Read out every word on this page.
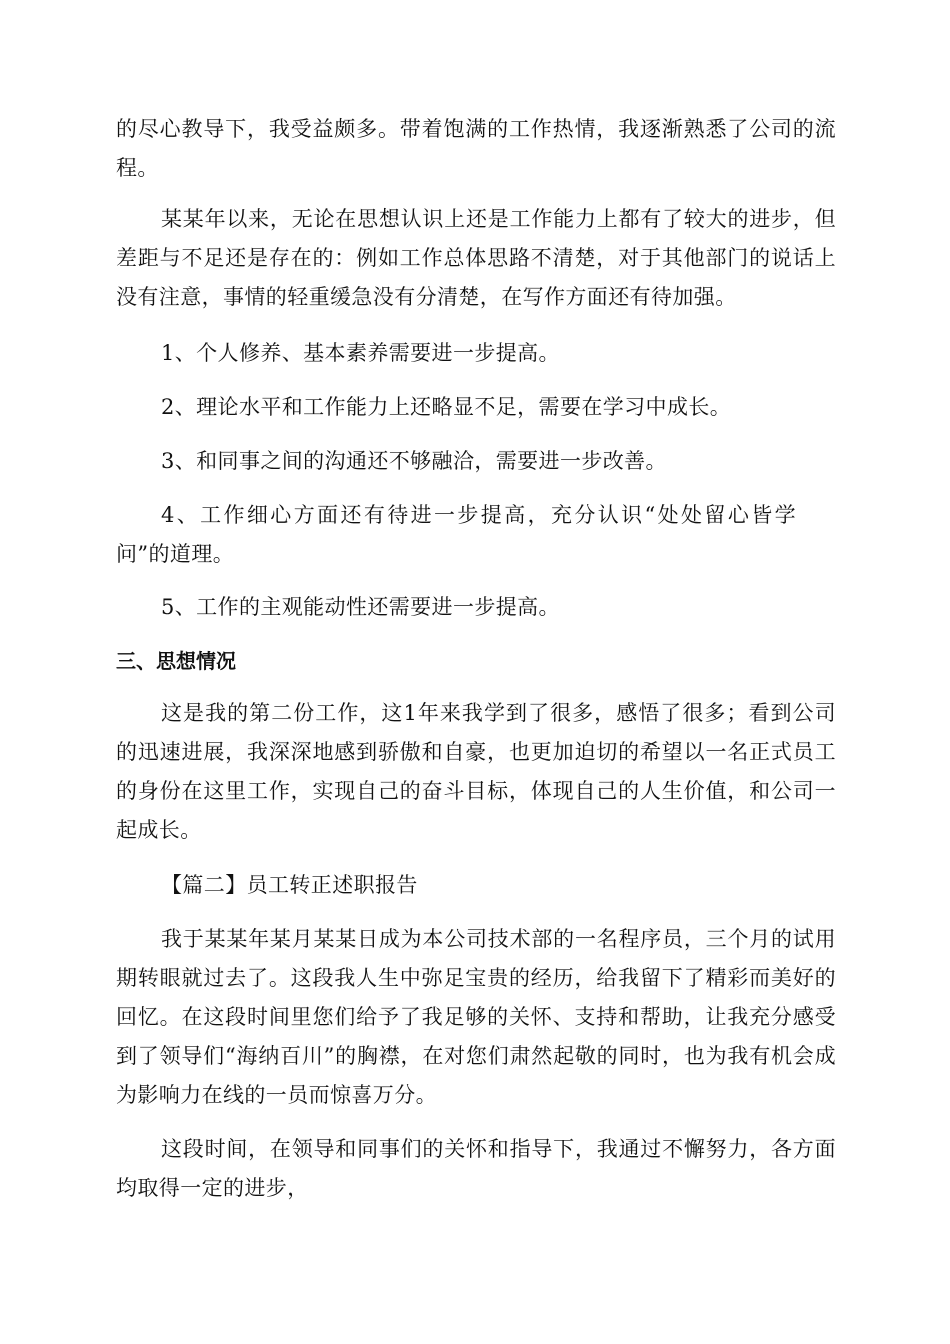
的尽心教导下，我受益颇多。带着饱满的工作热情，我逐渐熟悉了公司的流程。

某某年以来，无论在思想认识上还是工作能力上都有了较大的进步，但差距与不足还是存在的：例如工作总体思路不清楚，对于其他部门的说话上没有注意，事情的轻重缓急没有分清楚，在写作方面还有待加强。

1、个人修养、基本素养需要进一步提高。

2、理论水平和工作能力上还略显不足，需要在学习中成长。

3、和同事之间的沟通还不够融洽，需要进一步改善。

4、工作细心方面还有待进一步提高，充分认识“处处留心皆学问”的道理。

5、工作的主观能动性还需要进一步提高。

三、思想情况

这是我的第二份工作，这1年来我学到了很多，感悟了很多；看到公司的迅速进展，我深深地感到骄傲和自豪，也更加迫切的希望以一名正式员工的身份在这里工作，实现自己的奋斗目标，体现自己的人生价值，和公司一起成长。

【篇二】员工转正述职报告

我于某某年某月某某日成为本公司技术部的一名程序员，三个月的试用期转眼就过去了。这段我人生中弥足宝贵的经历，给我留下了精彩而美好的回忆。在这段时间里您们给予了我足够的关怀、支持和帮助，让我充分感受到了领导们“海纳百川”的胸襟，在对您们肃然起敬的同时，也为我有机会成为影响力在线的一员而惊喜万分。

这段时间，在领导和同事们的关怀和指导下，我通过不懈努力，各方面均取得一定的进步，
